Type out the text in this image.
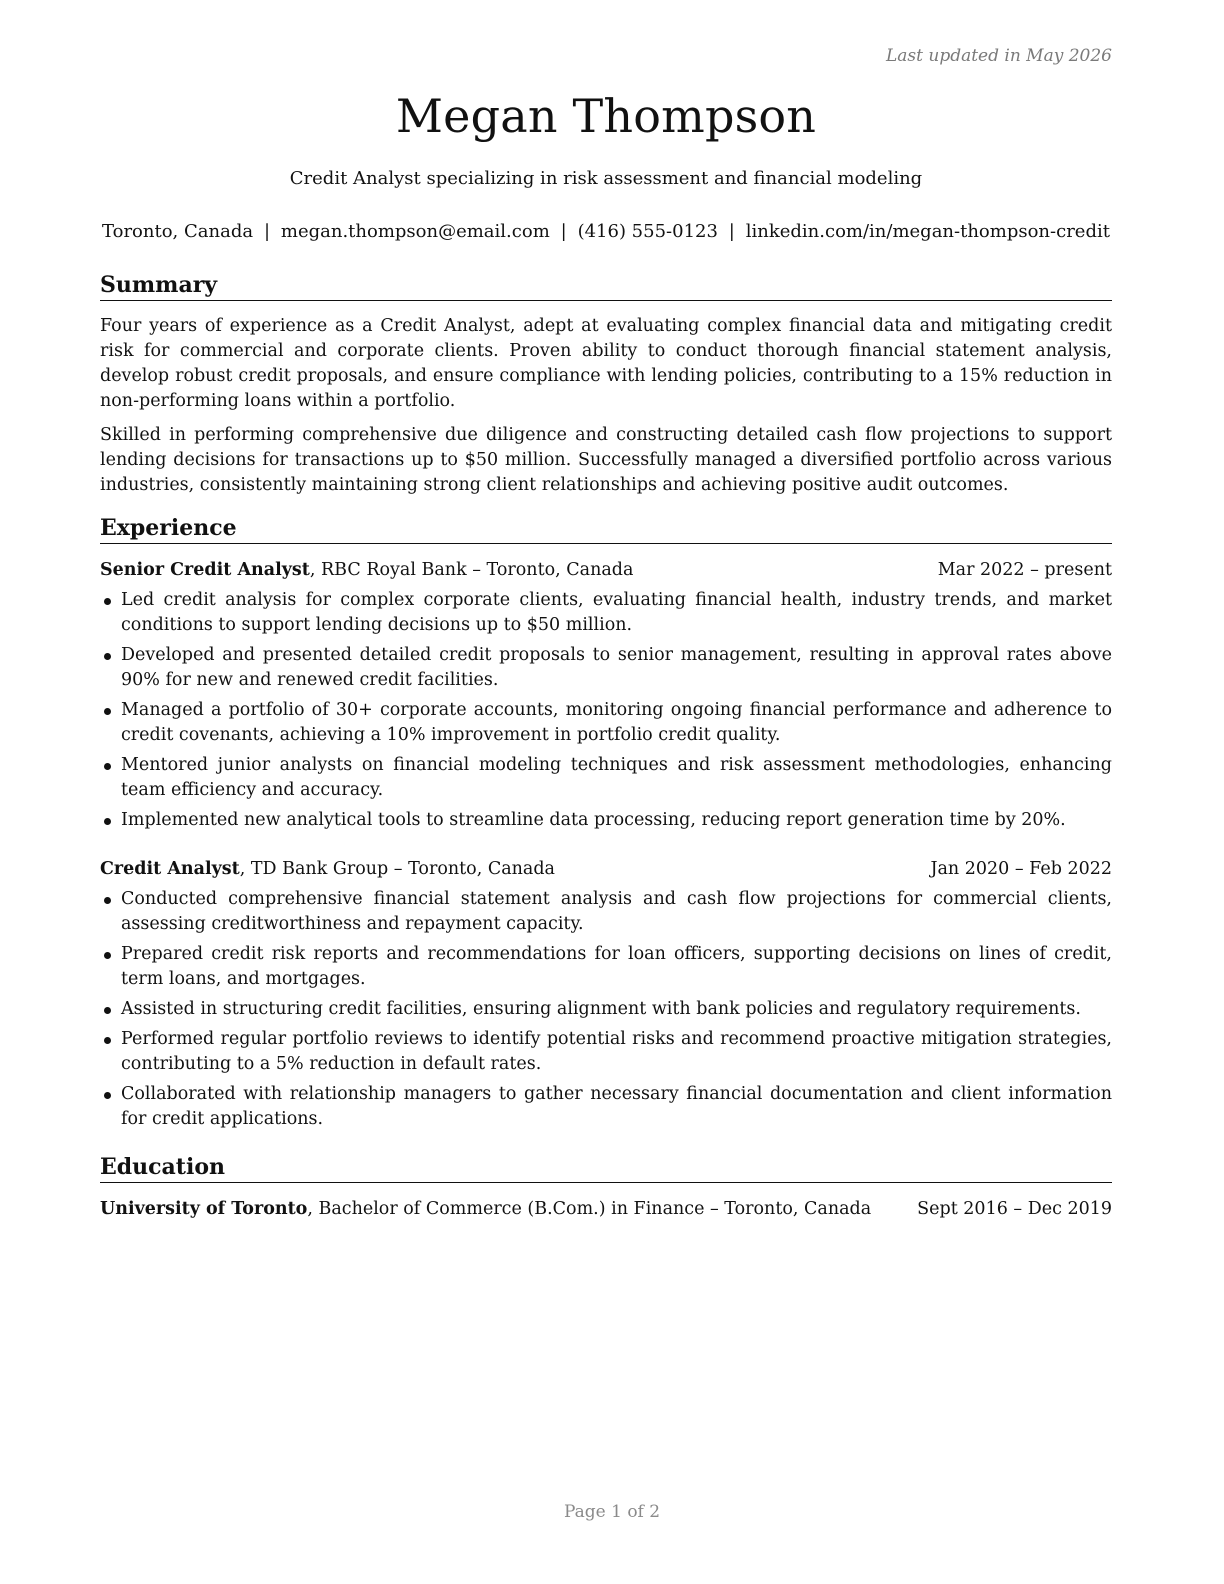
Last updated in May 2026
Megan Thompson
Credit Analyst specializing in risk assessment and financial modeling
Toronto, Canada | megan.thompson@email.com | (416) 555-0123 | linkedin.com/in/megan-thompson-credit
Summary

Four years of experience as a Credit Analyst, adept at evaluating complex financial data and mitigating credit risk for commercial and corporate clients. Proven ability to conduct thorough financial statement analysis, develop robust credit proposals, and ensure compliance with lending policies, contributing to a 15% reduction in non-performing loans within a portfolio.

Skilled in performing comprehensive due diligence and constructing detailed cash flow projections to support lending decisions for transactions up to $50 million. Successfully managed a diversified portfolio across various industries, consistently maintaining strong client relationships and achieving positive audit outcomes.

Experience
Senior Credit Analyst, RBC Royal Bank – Toronto, Canada	Mar 2022 – present
Led credit analysis for complex corporate clients, evaluating financial health, industry trends, and market conditions to support lending decisions up to $50 million.
Developed and presented detailed credit proposals to senior management, resulting in approval rates above 90% for new and renewed credit facilities.
Managed a portfolio of 30+ corporate accounts, monitoring ongoing financial performance and adherence to credit covenants, achieving a 10% improvement in portfolio credit quality.
Mentored junior analysts on financial modeling techniques and risk assessment methodologies, enhancing team efficiency and accuracy.
Implemented new analytical tools to streamline data processing, reducing report generation time by 20%.
Credit Analyst, TD Bank Group – Toronto, Canada	Jan 2020 – Feb 2022
Conducted comprehensive financial statement analysis and cash flow projections for commercial clients, assessing creditworthiness and repayment capacity.
Prepared credit risk reports and recommendations for loan officers, supporting decisions on lines of credit, term loans, and mortgages.
Assisted in structuring credit facilities, ensuring alignment with bank policies and regulatory requirements.
Performed regular portfolio reviews to identify potential risks and recommend proactive mitigation strategies, contributing to a 5% reduction in default rates.
Collaborated with relationship managers to gather necessary financial documentation and client information for credit applications.
Education
University of Toronto, Bachelor of Commerce (B.Com.) in Finance – Toronto, Canada	Sept 2016 – Dec 2019
Page 1 of 2
